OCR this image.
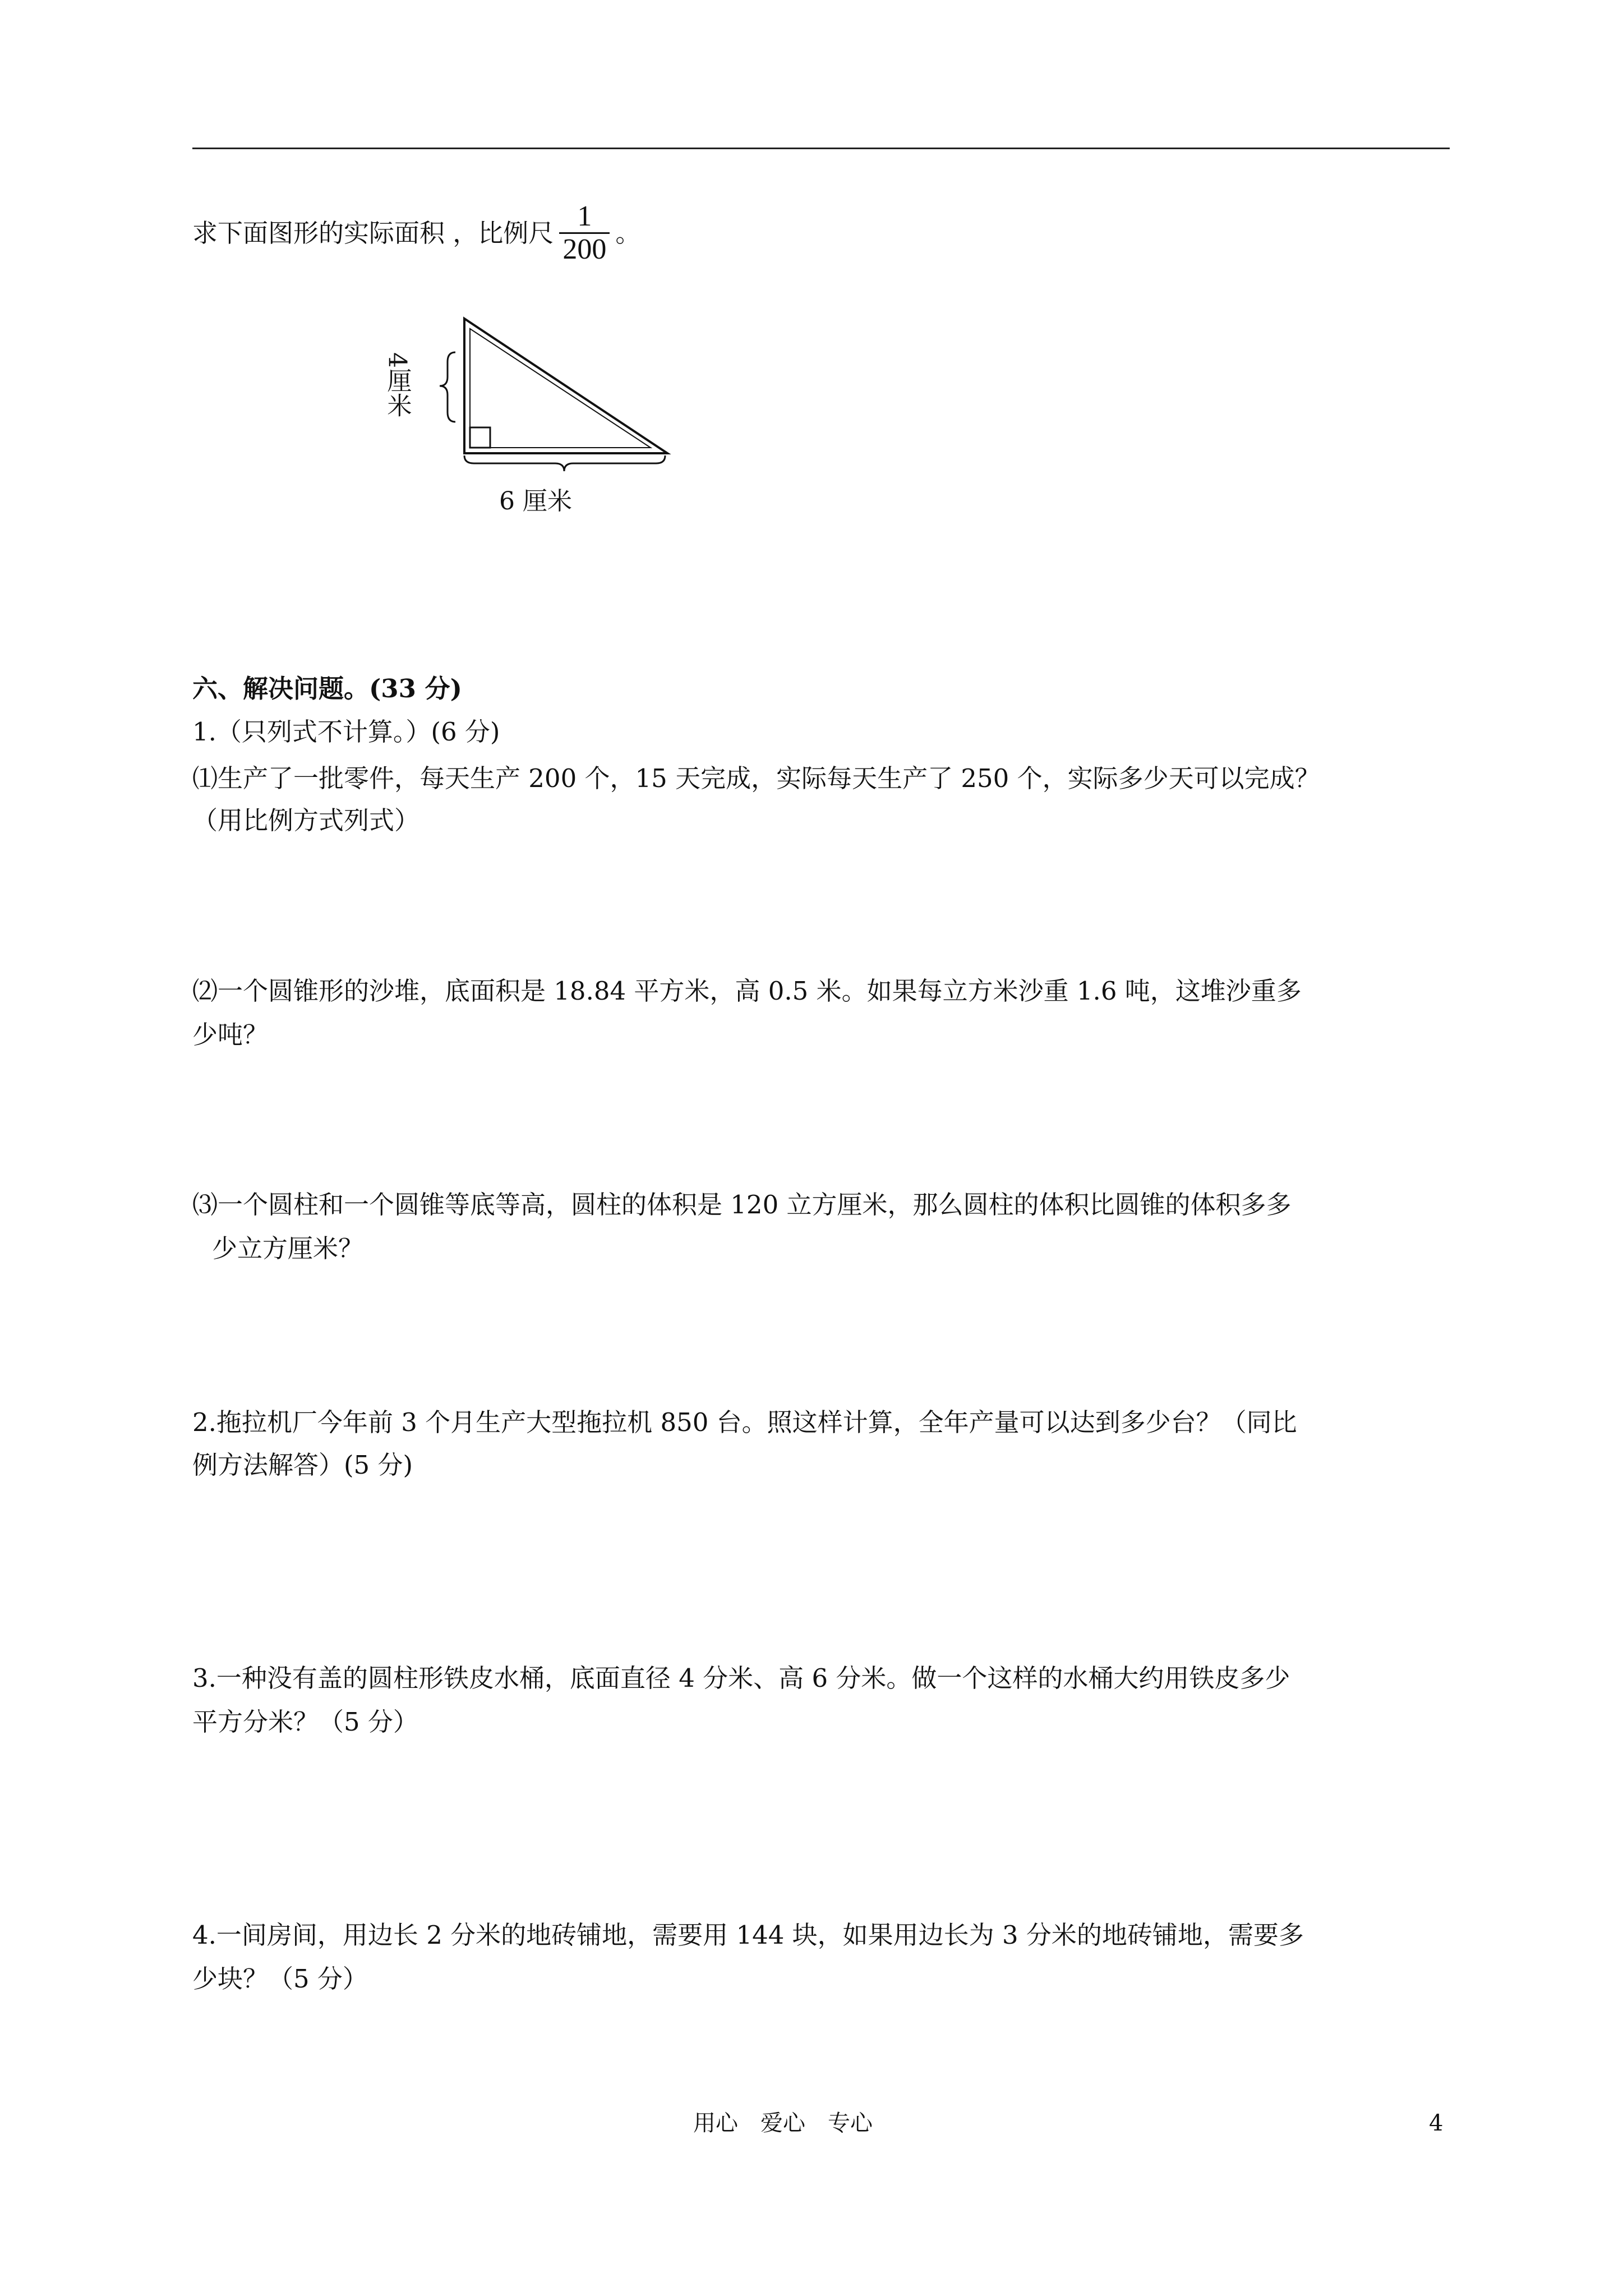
求下面图形的实际面积 ，比例尺 $\frac{1}{200}$ 。
4厘米
6 厘米
六、解决问题。(33 分)
1.（只列式不计算。）(6 分)
⑴生产了一批零件，每天生产 200 个，15 天完成，实际每天生产了 250 个，实际多少天可以完成？
（用比例方式列式）
⑵一个圆锥形的沙堆，底面积是 18.84 平方米，高 0.5 米。如果每立方米沙重 1.6 吨，这堆沙重多
少吨？
⑶一个圆柱和一个圆锥等底等高，圆柱的体积是 120 立方厘米，那么圆柱的体积比圆锥的体积多多
少立方厘米？
2.拖拉机厂今年前 3 个月生产大型拖拉机 850 台。照这样计算，全年产量可以达到多少台？（同比
例方法解答）(5 分)
3.一种没有盖的圆柱形铁皮水桶，底面直径 4 分米、高 6 分米。做一个这样的水桶大约用铁皮多少
平方分米？（5 分）
4.一间房间，用边长 2 分米的地砖铺地，需要用 144 块，如果用边长为 3 分米的地砖铺地，需要多
少块？（5 分）
用心　爱心　专心	4
